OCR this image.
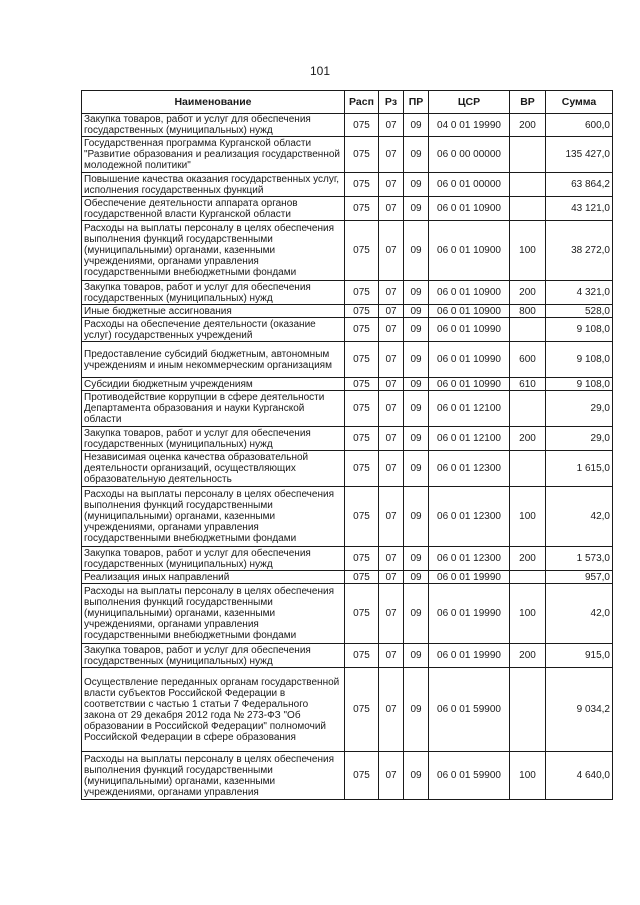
101
Наименование	Расп	Рз	ПР	ЦСР	ВР	Сумма
Закупка товаров, работ и услуг для обеспечения государственных (муниципальных) нужд	075	07	09	04 0 01 19990	200	600,0
Государственная программа Курганской области "Развитие образования и реализация государственной молодежной политики"	075	07	09	06 0 00 00000		135 427,0
Повышение качества оказания государственных услуг, исполнения государственных функций	075	07	09	06 0 01 00000		63 864,2
Обеспечение деятельности аппарата органов государственной власти Курганской области	075	07	09	06 0 01 10900		43 121,0
Расходы на выплаты персоналу в целях обеспечения выполнения функций государственными (муниципальными) органами, казенными учреждениями, органами управления государственными внебюджетными фондами	075	07	09	06 0 01 10900	100	38 272,0
Закупка товаров, работ и услуг для обеспечения государственных (муниципальных) нужд	075	07	09	06 0 01 10900	200	4 321,0
Иные бюджетные ассигнования	075	07	09	06 0 01 10900	800	528,0
Расходы на обеспечение деятельности (оказание услуг) государственных учреждений	075	07	09	06 0 01 10990		9 108,0
Предоставление субсидий бюджетным, автономным учреждениям и иным некоммерческим организациям	075	07	09	06 0 01 10990	600	9 108,0
Субсидии бюджетным учреждениям	075	07	09	06 0 01 10990	610	9 108,0
Противодействие коррупции в сфере деятельности Департамента образования и науки Курганской области	075	07	09	06 0 01 12100		29,0
Закупка товаров, работ и услуг для обеспечения государственных (муниципальных) нужд	075	07	09	06 0 01 12100	200	29,0
Независимая оценка качества образовательной деятельности организаций, осуществляющих образовательную деятельность	075	07	09	06 0 01 12300		1 615,0
Расходы на выплаты персоналу в целях обеспечения выполнения функций государственными (муниципальными) органами, казенными учреждениями, органами управления государственными внебюджетными фондами	075	07	09	06 0 01 12300	100	42,0
Закупка товаров, работ и услуг для обеспечения государственных (муниципальных) нужд	075	07	09	06 0 01 12300	200	1 573,0
Реализация иных направлений	075	07	09	06 0 01 19990		957,0
Расходы на выплаты персоналу в целях обеспечения выполнения функций государственными (муниципальными) органами, казенными учреждениями, органами управления государственными внебюджетными фондами	075	07	09	06 0 01 19990	100	42,0
Закупка товаров, работ и услуг для обеспечения государственных (муниципальных) нужд	075	07	09	06 0 01 19990	200	915,0
Осуществление переданных органам государственной власти субъектов Российской Федерации в соответствии с частью 1 статьи 7 Федерального закона от 29 декабря 2012 года № 273-ФЗ "Об образовании в Российской Федерации" полномочий Российской Федерации в сфере образования	075	07	09	06 0 01 59900		9 034,2
Расходы на выплаты персоналу в целях обеспечения выполнения функций государственными (муниципальными) органами, казенными учреждениями, органами управления	075	07	09	06 0 01 59900	100	4 640,0
